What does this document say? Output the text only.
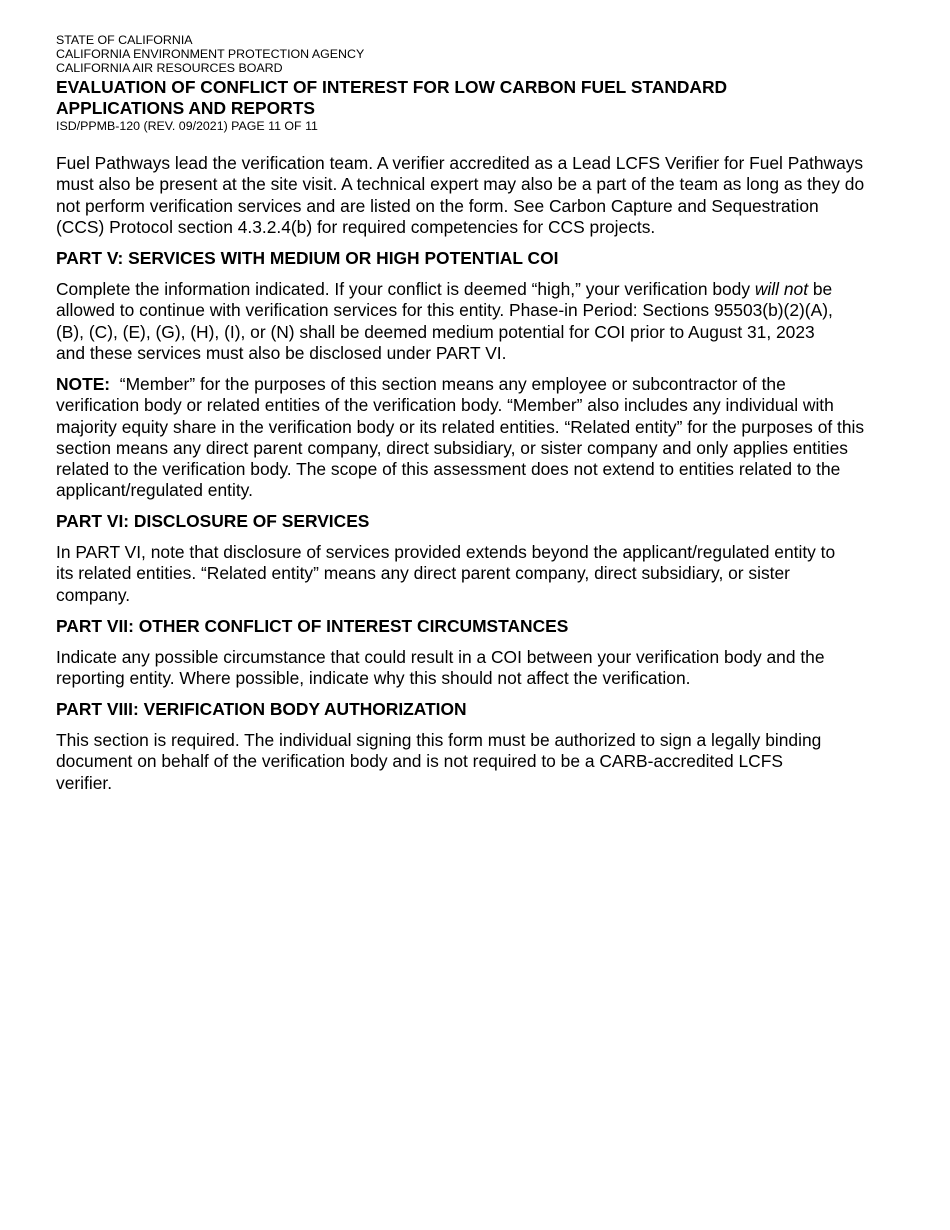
STATE OF CALIFORNIA

CALIFORNIA ENVIRONMENT PROTECTION AGENCY

CALIFORNIA AIR RESOURCES BOARD

EVALUATION OF CONFLICT OF INTEREST FOR LOW CARBON FUEL STANDARD
APPLICATIONS AND REPORTS

ISD/PPMB-120 (REV. 09/2021) PAGE 11 OF 11

Fuel Pathways lead the verification team. A verifier accredited as a Lead LCFS Verifier for Fuel Pathways

must also be present at the site visit. A technical expert may also be a part of the team as long as they do

not perform verification services and are listed on the form. See Carbon Capture and Sequestration

(CCS) Protocol section 4.3.2.4(b) for required competencies for CCS projects.

PART V: SERVICES WITH MEDIUM OR HIGH POTENTIAL COI

Complete the information indicated. If your conflict is deemed “high,” your verification body will not be

allowed to continue with verification services for this entity. Phase-in Period: Sections 95503(b)(2)(A),

(B), (C), (E), (G), (H), (I), or (N) shall be deemed medium potential for COI prior to August 31, 2023

and these services must also be disclosed under PART VI.

NOTE:  “Member” for the purposes of this section means any employee or subcontractor of the

verification body or related entities of the verification body. “Member” also includes any individual with

majority equity share in the verification body or its related entities. “Related entity” for the purposes of this

section means any direct parent company, direct subsidiary, or sister company and only applies entities

related to the verification body. The scope of this assessment does not extend to entities related to the

applicant/regulated entity.

PART VI: DISCLOSURE OF SERVICES

In PART VI, note that disclosure of services provided extends beyond the applicant/regulated entity to

its related entities. “Related entity” means any direct parent company, direct subsidiary, or sister

company.

PART VII: OTHER CONFLICT OF INTEREST CIRCUMSTANCES

Indicate any possible circumstance that could result in a COI between your verification body and the

reporting entity. Where possible, indicate why this should not affect the verification.

PART VIII: VERIFICATION BODY AUTHORIZATION

This section is required. The individual signing this form must be authorized to sign a legally binding

document on behalf of the verification body and is not required to be a CARB-accredited LCFS

verifier.
